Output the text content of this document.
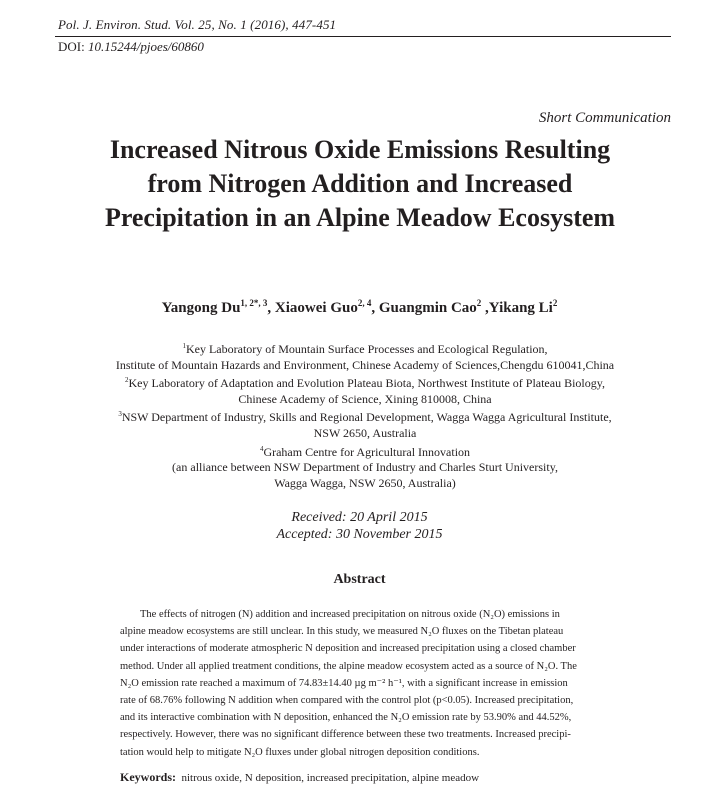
Pol. J. Environ. Stud. Vol. 25, No. 1 (2016), 447-451
DOI: 10.15244/pjoes/60860
Short Communication
Increased Nitrous Oxide Emissions Resulting
from Nitrogen Addition and Increased
Precipitation in an Alpine Meadow Ecosystem
Yangong $Du^{1, 2*, 3}$, Xiaowei Guo$^{2, 4}$, Guangmin Cao$^2$ ,Yikang Li$^2$
$^1$Key Laboratory of Mountain Surface Processes and Ecological Regulation,
Institute of Mountain Hazards and Environment, Chinese Academy of Sciences,Chengdu 610041,China
$^2$Key Laboratory of Adaptation and Evolution Plateau Biota, Northwest Institute of Plateau Biology,
Chinese Academy of Science, Xining 810008, China
$^3$NSW Department of Industry, Skills and Regional Development, Wagga Wagga Agricultural Institute,
NSW 2650, Australia
$^4$Graham Centre for Agricultural Innovation
(an alliance between NSW Department of Industry and Charles Sturt University,
Wagga Wagga, NSW 2650, Australia)
Received: 20 April 2015
Accepted: 30 November 2015
Abstract
The effects of nitrogen (N) addition and increased precipitation on nitrous oxide (N₂O) emissions in
alpine meadow ecosystems are still unclear. In this study, we measured N₂O fluxes on the Tibetan plateau
under interactions of moderate atmospheric N deposition and increased precipitation using a closed chamber
method. Under all applied treatment conditions, the alpine meadow ecosystem acted as a source of N₂O. The
N₂O emission rate reached a maximum of 74.83±14.40 µg m⁻² h⁻¹, with a significant increase in emission
rate of 68.76% following N addition when compared with the control plot (p<0.05). Increased precipitation,
and its interactive combination with N deposition, enhanced the N₂O emission rate by 53.90% and 44.52%,
respectively. However, there was no significant difference between these two treatments. Increased precipi-
tation would help to mitigate N₂O fluxes under global nitrogen deposition conditions.
Keywords: nitrous oxide, N deposition, increased precipitation, alpine meadow
